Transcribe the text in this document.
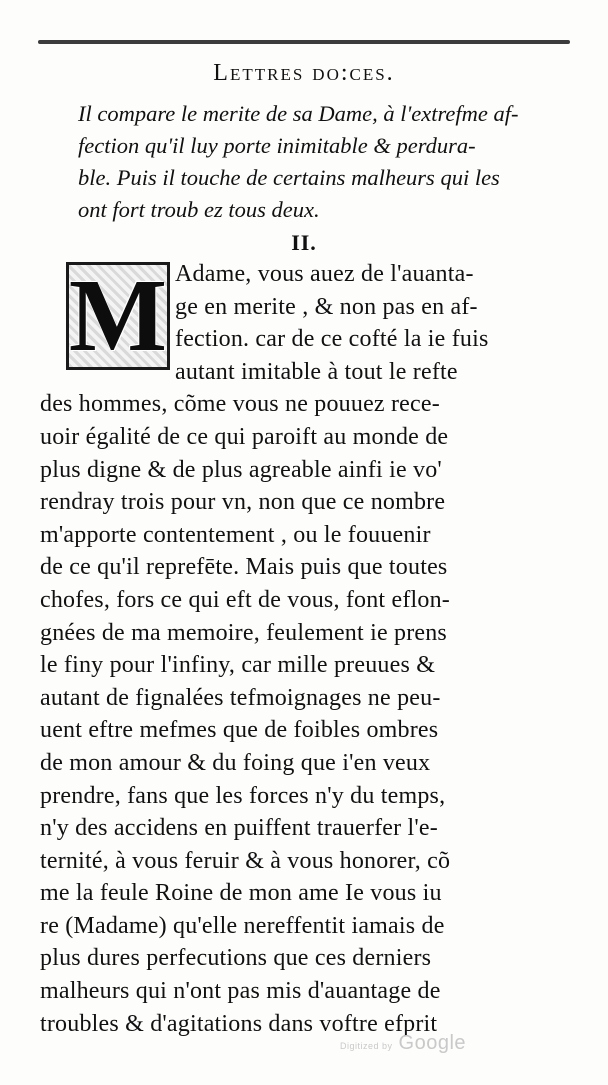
Lettres do:ces.
Il compare le merite de sa Dame, à l'extrefme af-
fection qu'il luy porte inimitable & perdura-
ble. Puis il touche de certains malheurs qui les
ont fort troub ez tous deux.
II.
Adame, vous auez de l'auanta-
ge en merite , & non pas en af-
fection. car de ce cofté la ie fuis
autant imitable à tout le refte
des hommes, cõme vous ne pouuez rece-
uoir égalité de ce qui paroift au monde de
plus digne & de plus agreable ainfi ie vo'
rendray trois pour vn, non que ce nombre
m'apporte contentement , ou le fouuenir
de ce qu'il reprefēte. Mais puis que toutes
chofes, fors ce qui eft de vous, font eflon-
gnées de ma memoire, feulement ie prens
le finy pour l'infiny, car mille preuues &
autant de fignalées tefmoignages ne peu-
uent eftre mefmes que de foibles ombres
de mon amour & du foing que i'en veux
prendre, fans que les forces n'y du temps,
n'y des accidens en puiffent trauerfer l'e-
ternité, à vous feruir & à vous honorer, cõ
me la feule Roine de mon ame Ie vous iu
re (Madame) qu'elle nereffentit iamais de
plus dures perfecutions que ces derniers
malheurs qui n'ont pas mis d'auantage de
troubles & d'agitations dans voftre efprit
M
Digitized by Google
